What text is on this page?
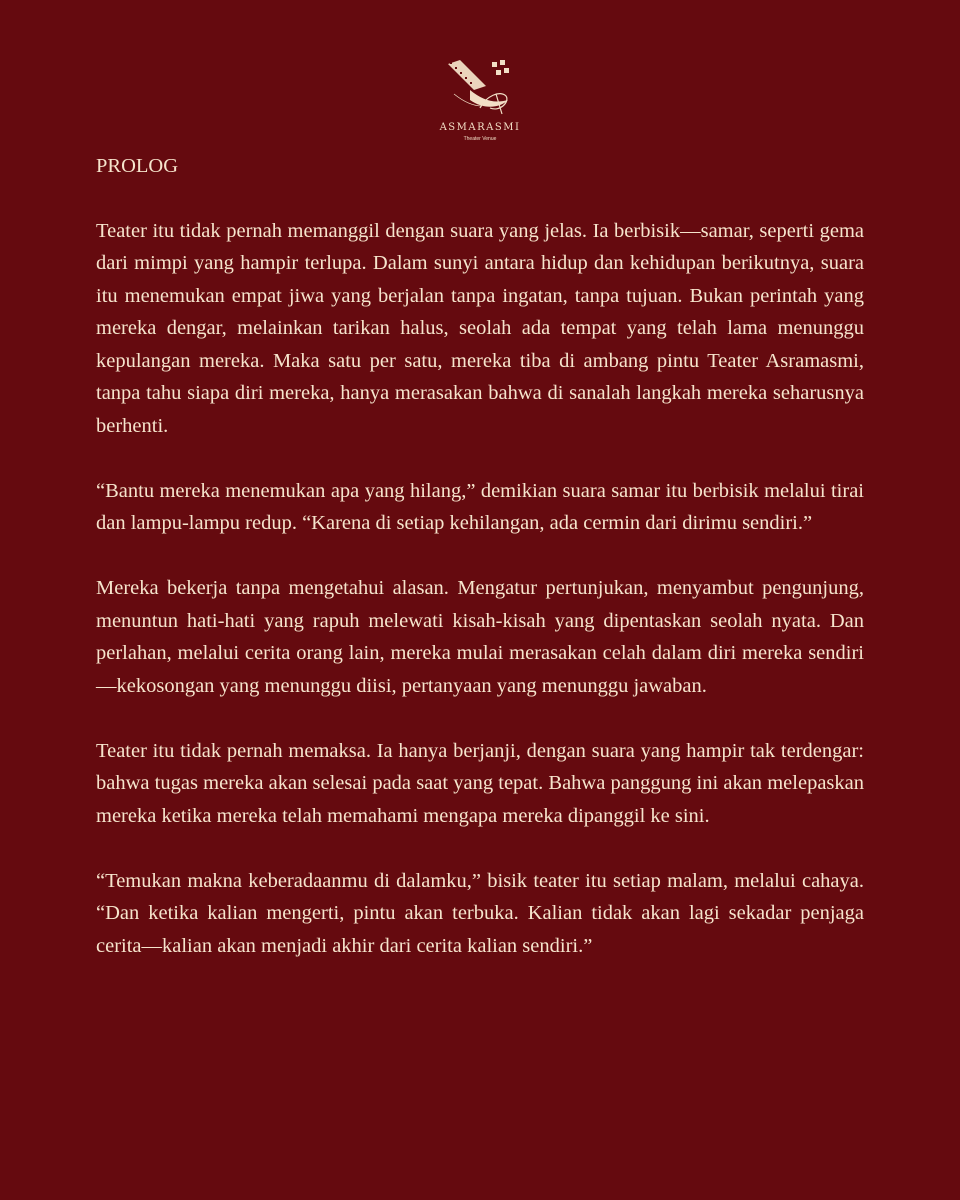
ASMARASMI
Theater Venue
PROLOG

Teater itu tidak pernah memanggil dengan suara yang jelas. Ia berbisik—samar, seperti gema dari mimpi yang hampir terlupa. Dalam sunyi antara hidup dan kehidupan berikutnya, suara itu menemukan empat jiwa yang berjalan tanpa ingatan, tanpa tujuan. Bukan perintah yang mereka dengar, melainkan tarikan halus, seolah ada tempat yang telah lama menunggu kepulangan mereka. Maka satu per satu, mereka tiba di ambang pintu Teater Asramasmi, tanpa tahu siapa diri mereka, hanya merasakan bahwa di sanalah langkah mereka seharusnya berhenti.

“Bantu mereka menemukan apa yang hilang,” demikian suara samar itu berbisik melalui tirai dan lampu-lampu redup. “Karena di setiap kehilangan, ada cermin dari dirimu sendiri.”

Mereka bekerja tanpa mengetahui alasan. Mengatur pertunjukan, menyambut pengunjung, menuntun hati-hati yang rapuh melewati kisah-kisah yang dipentaskan seolah nyata. Dan perlahan, melalui cerita orang lain, mereka mulai merasakan celah dalam diri mereka sendiri—kekosongan yang menunggu diisi, pertanyaan yang menunggu jawaban.

Teater itu tidak pernah memaksa. Ia hanya berjanji, dengan suara yang hampir tak terdengar: bahwa tugas mereka akan selesai pada saat yang tepat. Bahwa panggung ini akan melepaskan mereka ketika mereka telah memahami mengapa mereka dipanggil ke sini.

“Temukan makna keberadaanmu di dalamku,” bisik teater itu setiap malam, melalui cahaya. “Dan ketika kalian mengerti, pintu akan terbuka. Kalian tidak akan lagi sekadar penjaga cerita—kalian akan menjadi akhir dari cerita kalian sendiri.”
